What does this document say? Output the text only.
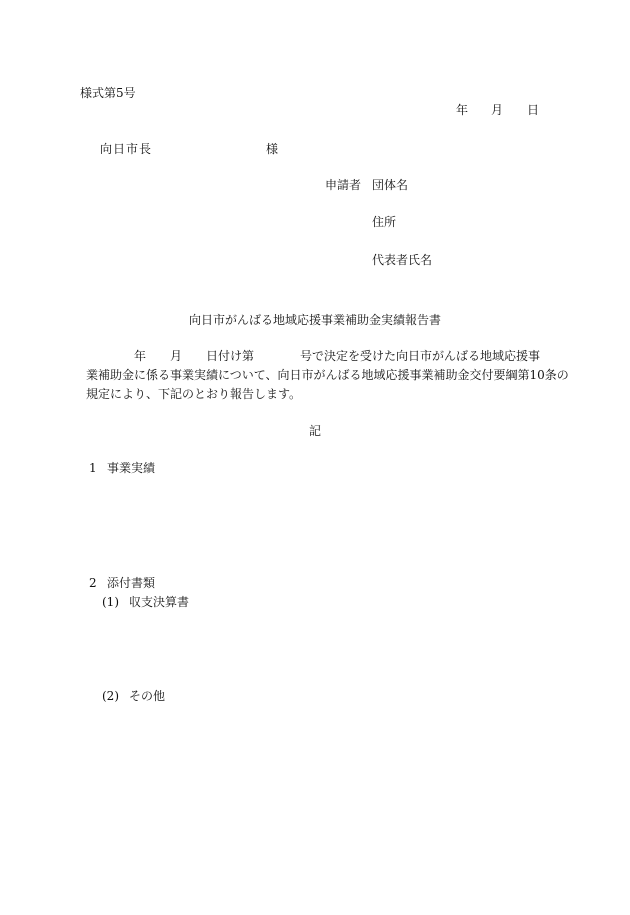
様式第5号
年 月 日
向日市長	様
申請者 団体名
住所
代表者氏名
向日市がんばる地域応援事業補助金実績報告書
年 月 日付け第	号で決定を受けた向日市がんばる地域応援事
業補助金に係る事業実績について、向日市がんばる地域応援事業補助金交付要綱第10条の
規定により、下記のとおり報告します。
記
1 事業実績
2 添付書類
(1) 収支決算書
(2) その他
